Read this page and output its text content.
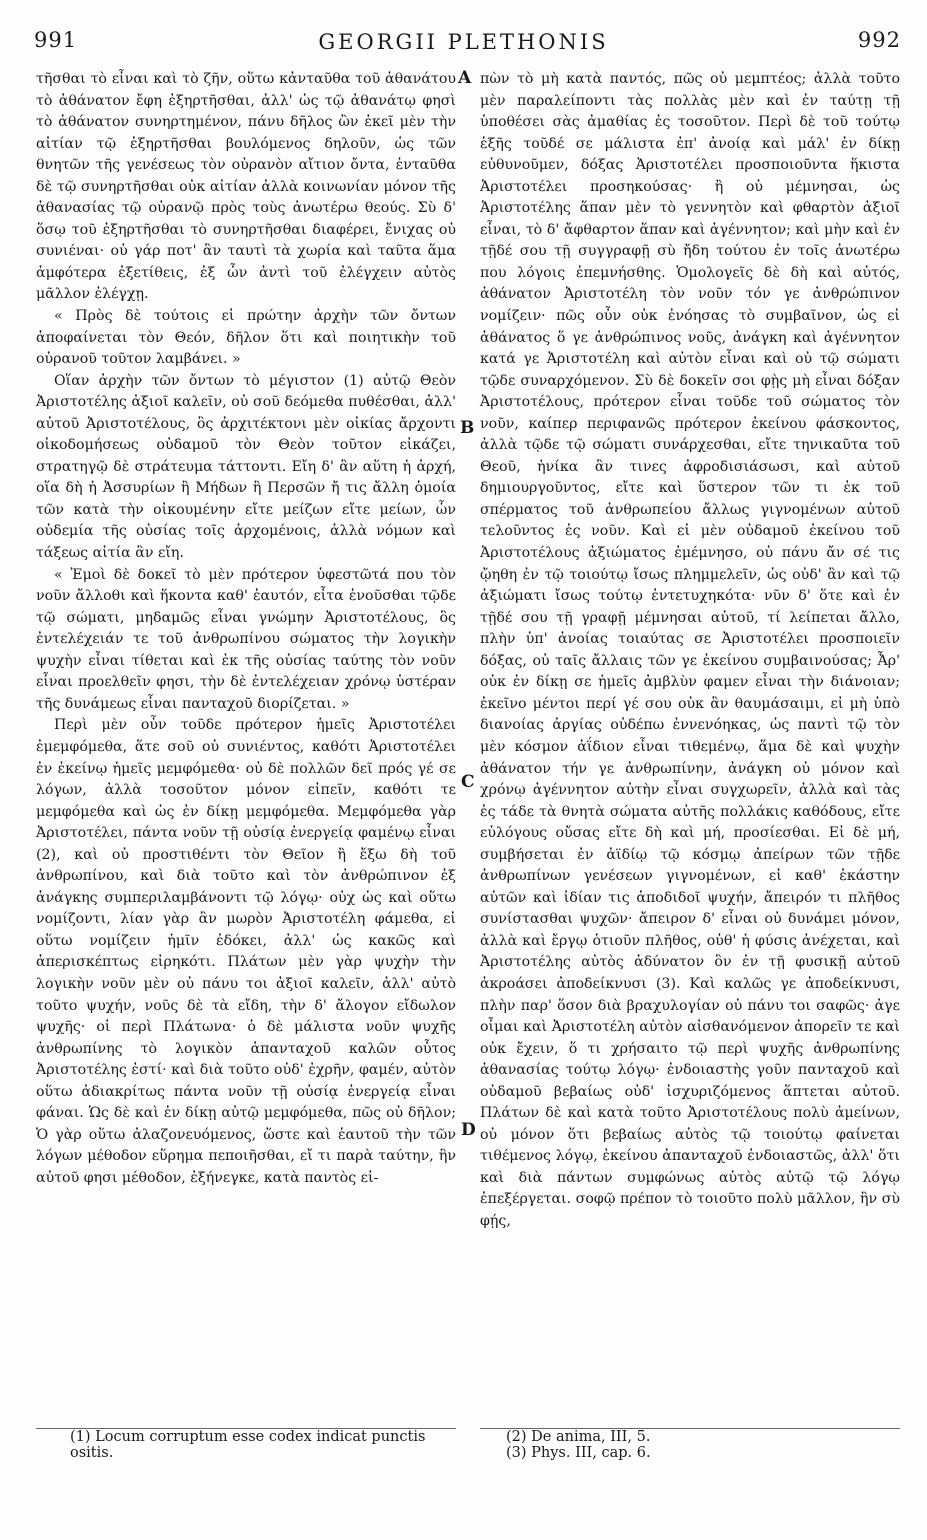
991	GEORGII PLETHONIS	992

τῆσθαι τὸ εἶναι καὶ τὸ ζῆν, οὕτω κἀνταῦθα τοῦ ἀθανάτου τὸ ἀθάνατον ἔφη ἐξηρτῆσθαι, ἀλλ' ὡς τῷ ἀθανάτῳ φησὶ τὸ ἀθάνατον συνηρτημένον, πάνυ δῆλος ὢν ἐκεῖ μὲν τὴν αἰτίαν τῷ ἐξηρτῆσθαι βουλόμενος δηλοῦν, ὡς τῶν θνητῶν τῆς γενέσεως τὸν οὐρανὸν αἴτιον ὄντα, ἐνταῦθα δὲ τῷ συνηρτῆσθαι οὐκ αἰτίαν ἀλλὰ κοινωνίαν μόνον τῆς ἀθανασίας τῷ οὐρανῷ πρὸς τοὺς ἀνωτέρω θεούς. Σὺ δ' ὅσῳ τοῦ ἐξηρτῆσθαι τὸ συνηρτῆσθαι διαφέρει, ἔνιχας οὐ συνιέναι· οὐ γάρ ποτ' ἂν ταυτὶ τὰ χωρία καὶ ταῦτα ἅμα ἀμφότερα ἐξετίθεις, ἐξ ὧν ἀντὶ τοῦ ἐλέγχειν αὐτὸς μᾶλλον ἐλέγχῃ.

« Πρὸς δὲ τούτοις εἰ πρώτην ἀρχὴν τῶν ὄντων ἀποφαίνεται τὸν Θεόν, δῆλον ὅτι καὶ ποιητικὴν τοῦ οὐρανοῦ τοῦτον λαμβάνει. »

Οἵαν ἀρχὴν τῶν ὄντων τὸ μέγιστον (1) αὐτῷ Θεὸν Ἀριστοτέλης ἀξιοῖ καλεῖν, οὐ σοῦ δεόμεθα πυθέσθαι, ἀλλ' αὐτοῦ Ἀριστοτέλους, ὃς ἀρχιτέκτονι μὲν οἰκίας ἄρχοντι οἰκοδομήσεως οὐδαμοῦ τὸν Θεὸν τοῦτον εἰκάζει, στρατηγῷ δὲ στράτευμα τάττοντι. Εἴη δ' ἂν αὕτη ἡ ἀρχή, οἵα δὴ ἡ Ἀσσυρίων ἢ Μήδων ἢ Περσῶν ἤ τις ἄλλη ὁμοία τῶν κατὰ τὴν οἰκουμένην εἴτε μείζων εἴτε μείων, ὧν οὐδεμία τῆς οὐσίας τοῖς ἀρχομένοις, ἀλλὰ νόμων καὶ τάξεως αἰτία ἂν εἴη.

« Ἐμοὶ δὲ δοκεῖ τὸ μὲν πρότερον ὑφεστῶτά που τὸν νοῦν ἄλλοθι καὶ ἥκοντα καθ' ἑαυτόν, εἶτα ἑνοῦσθαι τῷδε τῷ σώματι, μηδαμῶς εἶναι γνώμην Ἀριστοτέλους, ὃς ἐντελέχειάν τε τοῦ ἀνθρωπίνου σώματος τὴν λογικὴν ψυχὴν εἶναι τίθεται καὶ ἐκ τῆς οὐσίας ταύτης τὸν νοῦν εἶναι προελθεῖν φησι, τὴν δὲ ἐντελέχειαν χρόνῳ ὑστέραν τῆς δυνάμεως εἶναι πανταχοῦ διορίζεται. »

Περὶ μὲν οὖν τοῦδε πρότερον ἡμεῖς Ἀριστοτέλει ἐμεμφόμεθα, ἅτε σοῦ οὐ συνιέντος, καθότι Ἀριστοτέλει ἐν ἐκείνῳ ἡμεῖς μεμφόμεθα· οὐ δὲ πολλῶν δεῖ πρός γέ σε λόγων, ἀλλὰ τοσοῦτον μόνον εἰπεῖν, καθότι τε μεμφόμεθα καὶ ὡς ἐν δίκῃ μεμφόμεθα. Μεμφόμεθα γὰρ Ἀριστοτέλει, πάντα νοῦν τῇ οὐσίᾳ ἐνεργείᾳ φαμένῳ εἶναι (2), καὶ οὐ προστιθέντι τὸν Θεῖον ἢ ἔξω δὴ τοῦ ἀνθρωπίνου, καὶ διὰ τοῦτο καὶ τὸν ἀνθρώπινον ἐξ ἀνάγκης συμπεριλαμβάνοντι τῷ λόγῳ· οὐχ ὡς καὶ οὕτω νομίζοντι, λίαν γὰρ ἂν μωρὸν Ἀριστοτέλη φάμεθα, εἰ οὕτω νομίζειν ἡμῖν ἐδόκει, ἀλλ' ὡς κακῶς καὶ ἀπερισκέπτως εἰρηκότι. Πλάτων μὲν γὰρ ψυχὴν τὴν λογικὴν νοῦν μὲν οὐ πάνυ τοι ἀξιοῖ καλεῖν, ἀλλ' αὐτὸ τοῦτο ψυχήν, νοῦς δὲ τὰ εἴδη, τὴν δ' ἄλογον εἴδωλον ψυχῆς· οἱ περὶ Πλάτωνα· ὁ δὲ μάλιστα νοῦν ψυχῆς ἀνθρωπίνης τὸ λογικὸν ἁπανταχοῦ καλῶν οὗτος Ἀριστοτέλης ἐστί· καὶ διὰ τοῦτο οὐδ' ἐχρῆν, φαμέν, αὐτὸν οὕτω ἀδιακρίτως πάντα νοῦν τῇ οὐσίᾳ ἐνεργείᾳ εἶναι φάναι. Ὡς δὲ καὶ ἐν δίκῃ αὐτῷ μεμφόμεθα, πῶς οὐ δῆλον; Ὁ γὰρ οὕτω ἀλαζονευόμενος, ὥστε καὶ ἑαυτοῦ τὴν τῶν λόγων μέθοδον εὕρημα πεποιῆσθαι, εἴ τι παρὰ ταύτην, ἣν αὐτοῦ φησι μέθοδον, ἐξήνεγκε, κατὰ παντὸς εἰ-

A
B
C
D

πὼν τὸ μὴ κατὰ παντός, πῶς οὐ μεμπτέος; ἀλλὰ τοῦτο μὲν παραλείποντι τὰς πολλὰς μὲν καὶ ἐν ταύτῃ τῇ ὑποθέσει σὰς ἀμαθίας ἐς τοσοῦτον. Περὶ δὲ τοῦ τούτῳ ἑξῆς τοῦδέ σε μάλιστα ἐπ' ἀνοίᾳ καὶ μάλ' ἐν δίκῃ εὐθυνοῦμεν, δόξας Ἀριστοτέλει προσποιοῦντα ἥκιστα Ἀριστοτέλει προσηκούσας· ἢ οὐ μέμνησαι, ὡς Ἀριστοτέλης ἅπαν μὲν τὸ γεννητὸν καὶ φθαρτὸν ἀξιοῖ εἶναι, τὸ δ' ἄφθαρτον ἅπαν καὶ ἀγέννητον; καὶ μὴν καὶ ἐν τῇδέ σου τῇ συγγραφῇ σὺ ἤδη τούτου ἐν τοῖς ἀνωτέρω που λόγοις ἐπεμνήσθης. Ὁμολογεῖς δὲ δὴ καὶ αὐτός, ἀθάνατον Ἀριστοτέλη τὸν νοῦν τόν γε ἀνθρώπινον νομίζειν· πῶς οὖν οὐκ ἐνόησας τὸ συμβαῖνον, ὡς εἰ ἀθάνατος ὅ γε ἀνθρώπινος νοῦς, ἀνάγκη καὶ ἀγέννητον κατά γε Ἀριστοτέλη καὶ αὐτὸν εἶναι καὶ οὐ τῷ σώματι τῷδε συναρχόμενον. Σὺ δὲ δοκεῖν σοι φῂς μὴ εἶναι δόξαν Ἀριστοτέλους, πρότερον εἶναι τοῦδε τοῦ σώματος τὸν νοῦν, καίπερ περιφανῶς πρότερον ἐκείνου φάσκοντος, ἀλλὰ τῷδε τῷ σώματι συνάρχεσθαι, εἴτε τηνικαῦτα τοῦ Θεοῦ, ἡνίκα ἂν τινες ἀφροδισιάσωσι, καὶ αὐτοῦ δημιουργοῦντος, εἴτε καὶ ὕστερον τῶν τι ἐκ τοῦ σπέρματος τοῦ ἀνθρωπείου ἄλλως γιγνομένων αὐτοῦ τελοῦντος ἐς νοῦν. Καὶ εἰ μὲν οὐδαμοῦ ἐκείνου τοῦ Ἀριστοτέλους ἀξιώματος ἐμέμνησο, οὐ πάνυ ἄν σέ τις ᾤηθη ἐν τῷ τοιούτῳ ἴσως πλημμελεῖν, ὡς οὐδ' ἂν καὶ τῷ ἀξιώματι ἴσως τούτῳ ἐντετυχηκότα· νῦν δ' ὅτε καὶ ἐν τῇδέ σου τῇ γραφῇ μέμνησαι αὐτοῦ, τί λείπεται ἄλλο, πλὴν ὑπ' ἀνοίας τοιαύτας σε Ἀριστοτέλει προσποιεῖν δόξας, οὐ ταῖς ἄλλαις τῶν γε ἐκείνου συμβαινούσας; Ἆρ' οὐκ ἐν δίκῃ σε ἡμεῖς ἀμβλὺν φαμεν εἶναι τὴν διάνοιαν; ἐκεῖνο μέντοι περί γέ σου οὐκ ἂν θαυμάσαιμι, εἰ μὴ ὑπὸ διανοίας ἀργίας οὐδέπω ἐννενόηκας, ὡς παντὶ τῷ τὸν μὲν κόσμον ἀΐδιον εἶναι τιθεμένῳ, ἅμα δὲ καὶ ψυχὴν ἀθάνατον τήν γε ἀνθρωπίνην, ἀνάγκη οὐ μόνον καὶ χρόνῳ ἀγέννητον αὐτὴν εἶναι συγχωρεῖν, ἀλλὰ καὶ τὰς ἐς τάδε τὰ θνητὰ σώματα αὐτῆς πολλάκις καθόδους, εἴτε εὐλόγους οὔσας εἴτε δὴ καὶ μή, προσίεσθαι. Εἰ δὲ μή, συμβήσεται ἐν ἀϊδίῳ τῷ κόσμῳ ἀπείρων τῶν τῇδε ἀνθρωπίνων γενέσεων γιγνομένων, εἰ καθ' ἑκάστην αὐτῶν καὶ ἰδίαν τις ἀποδιδοῖ ψυχήν, ἄπειρόν τι πλῆθος συνίστασθαι ψυχῶν· ἄπειρον δ' εἶναι οὐ δυνάμει μόνον, ἀλλὰ καὶ ἔργῳ ὁτιοῦν πλῆθος, οὐθ' ἡ φύσις ἀνέχεται, καὶ Ἀριστοτέλης αὐτὸς ἀδύνατον ὂν ἐν τῇ φυσικῇ αὐτοῦ ἀκροάσει ἀποδείκνυσι (3). Καὶ καλῶς γε ἀποδείκνυσι, πλὴν παρ' ὅσον διὰ βραχυλογίαν οὐ πάνυ τοι σαφῶς· ἀγε οἶμαι καὶ Ἀριστοτέλη αὐτὸν αἰσθανόμενον ἀπορεῖν τε καὶ οὐκ ἔχειν, ὅ τι χρήσαιτο τῷ περὶ ψυχῆς ἀνθρωπίνης ἀθανασίας τούτῳ λόγῳ· ἐνδοιαστὴς γοῦν πανταχοῦ καὶ οὐδαμοῦ βεβαίως οὐδ' ἰσχυριζόμενος ἅπτεται αὐτοῦ. Πλάτων δὲ καὶ κατὰ τοῦτο Ἀριστοτέλους πολὺ ἀμείνων, οὐ μόνον ὅτι βεβαίως αὐτὸς τῷ τοιούτῳ φαίνεται τιθέμενος λόγῳ, ἐκείνου ἁπανταχοῦ ἐνδοιαστῶς, ἀλλ' ὅτι καὶ διὰ πάντων συμφώνως αὐτὸς αὐτῷ τῷ λόγῳ ἐπεξέργεται. σοφῷ πρέπον τὸ τοιοῦτο πολὺ μᾶλλον, ἢν σὺ φῄς,

(1) Locum corruptum esse codex indicat punctis
ositis.
(2) De anima, III, 5.
(3) Phys. III, cap. 6.
